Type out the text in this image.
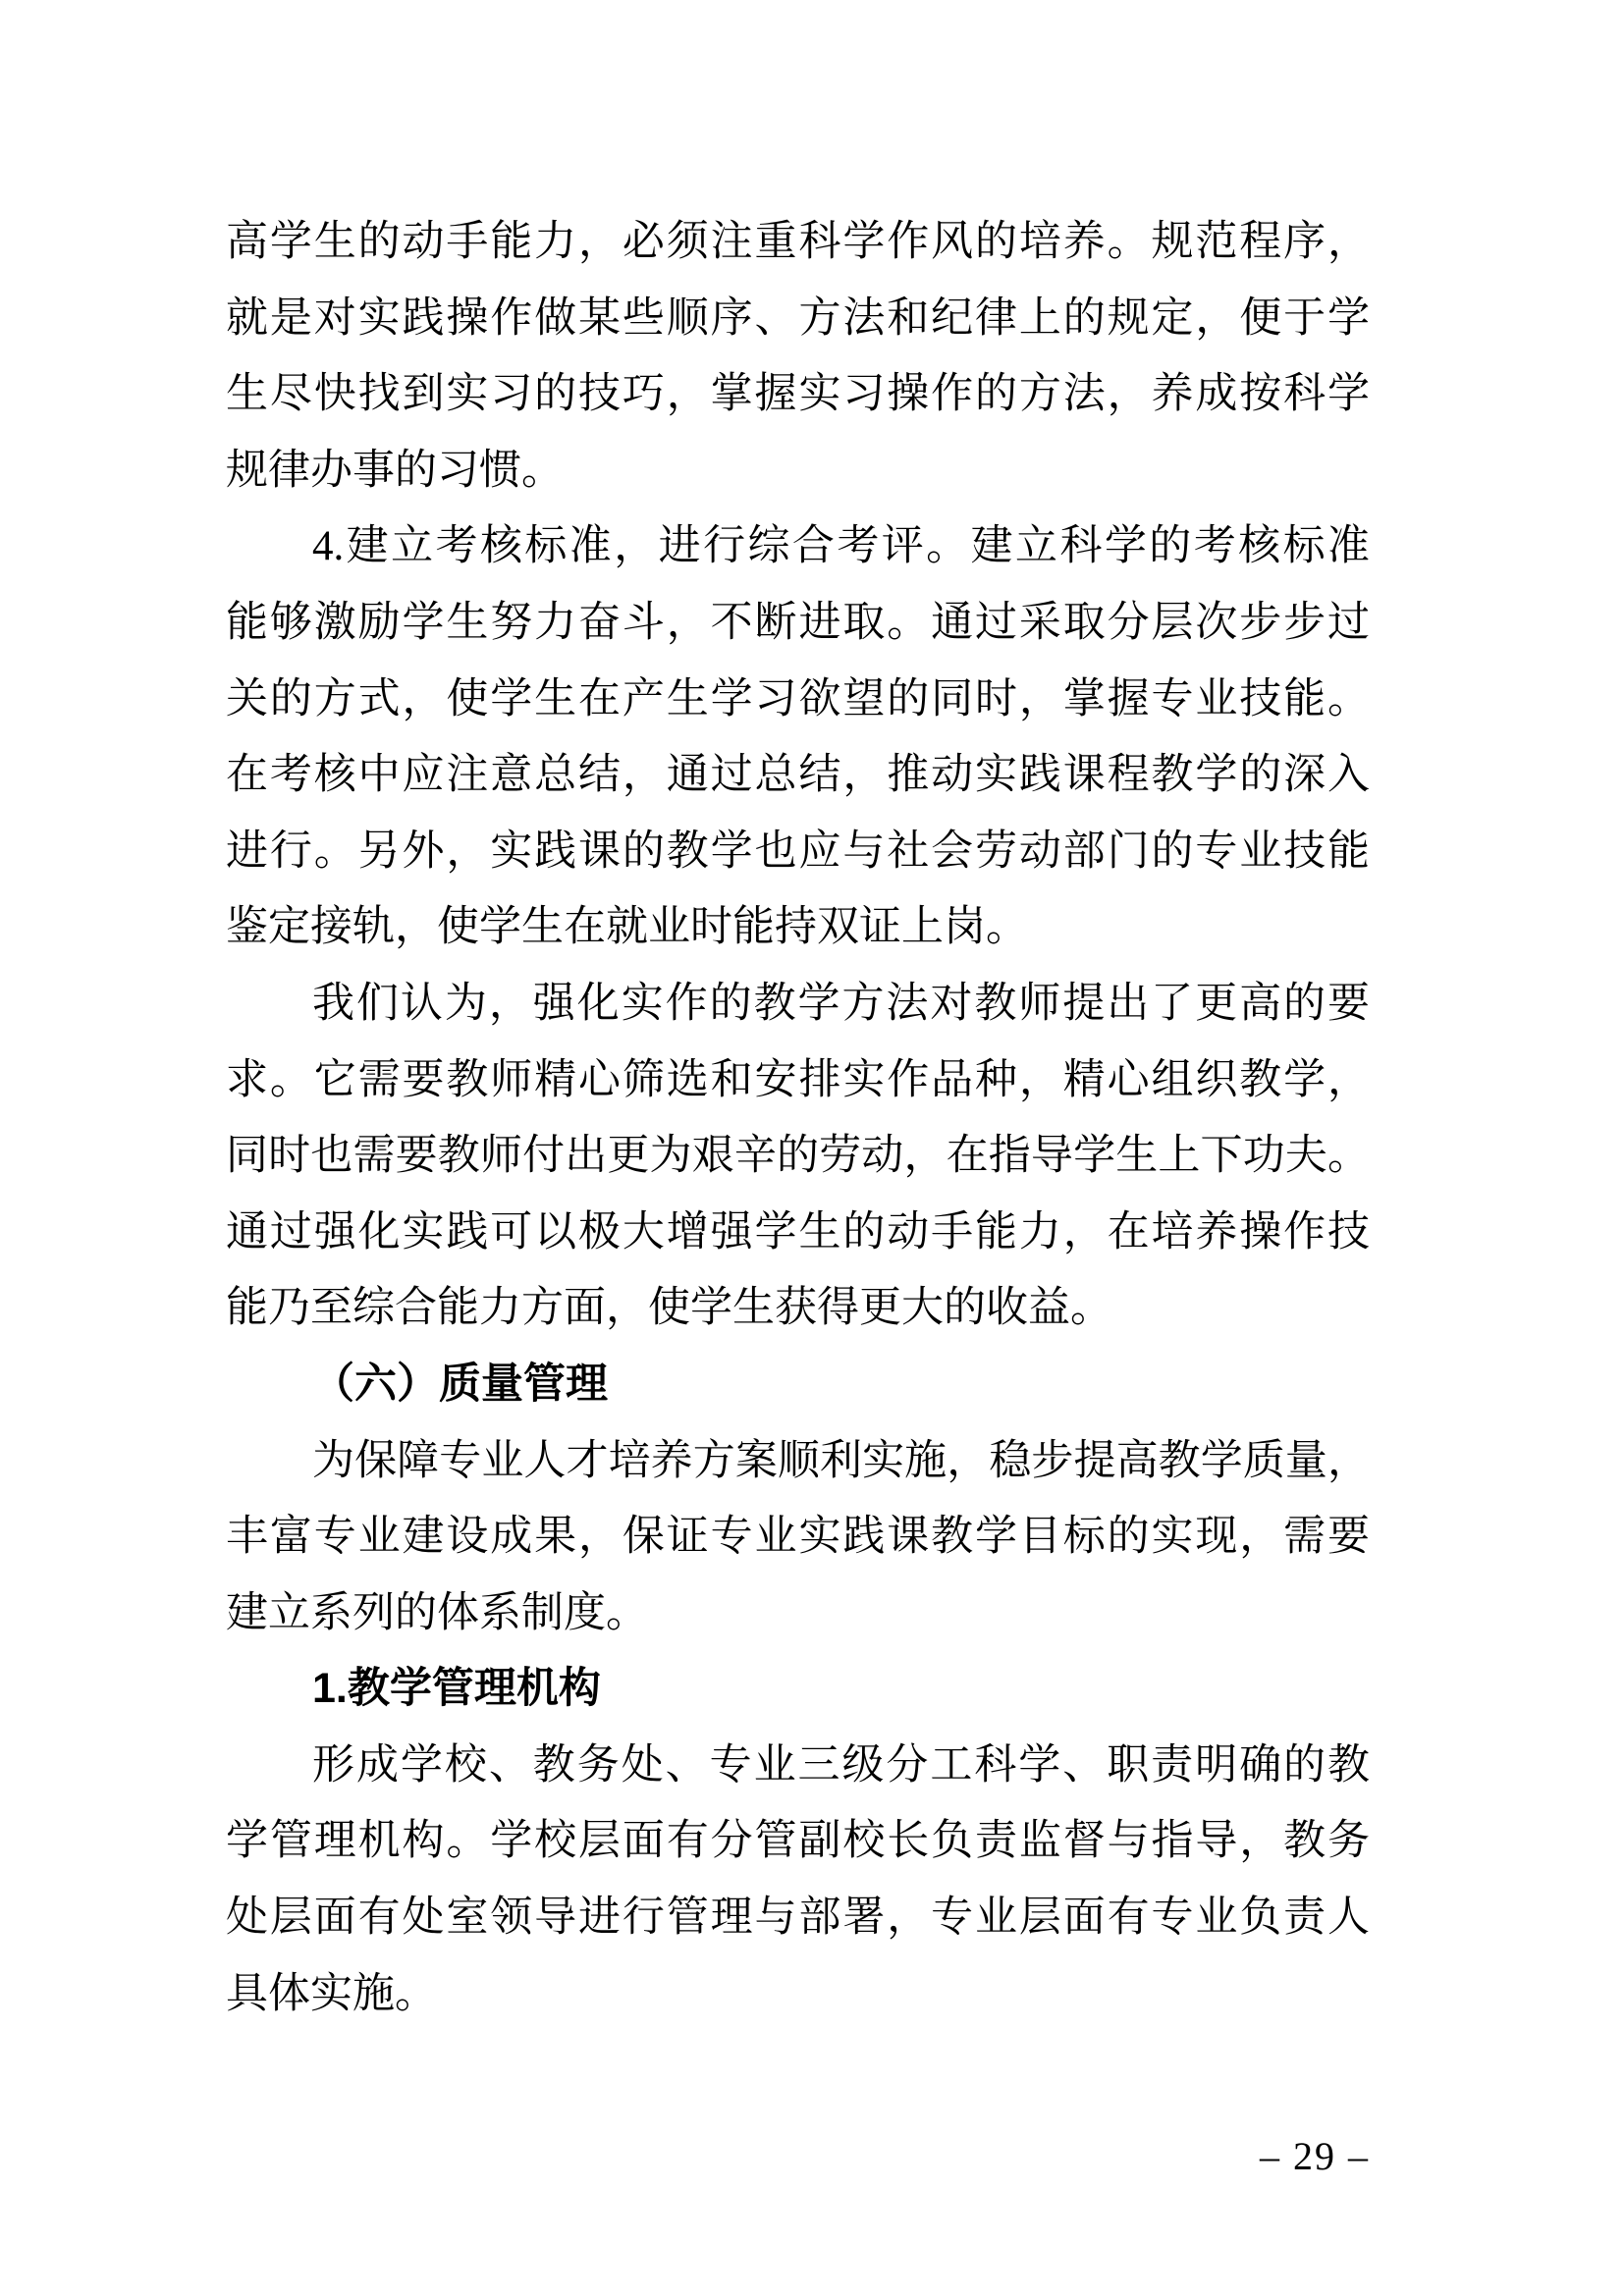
高学生的动手能力，必须注重科学作风的培养。规范程序，
就是对实践操作做某些顺序、方法和纪律上的规定，便于学
生尽快找到实习的技巧，掌握实习操作的方法，养成按科学
规律办事的习惯。
4.建立考核标准，进行综合考评。建立科学的考核标准
能够激励学生努力奋斗，不断进取。通过采取分层次步步过
关的方式，使学生在产生学习欲望的同时，掌握专业技能。
在考核中应注意总结，通过总结，推动实践课程教学的深入
进行。另外，实践课的教学也应与社会劳动部门的专业技能
鉴定接轨，使学生在就业时能持双证上岗。
我们认为，强化实作的教学方法对教师提出了更高的要
求。它需要教师精心筛选和安排实作品种，精心组织教学，
同时也需要教师付出更为艰辛的劳动，在指导学生上下功夫。
通过强化实践可以极大增强学生的动手能力，在培养操作技
能乃至综合能力方面，使学生获得更大的收益。
（六）质量管理
为保障专业人才培养方案顺利实施，稳步提高教学质量，
丰富专业建设成果，保证专业实践课教学目标的实现，需要
建立系列的体系制度。
1.教学管理机构
形成学校、教务处、专业三级分工科学、职责明确的教
学管理机构。学校层面有分管副校长负责监督与指导，教务
处层面有处室领导进行管理与部署，专业层面有专业负责人
具体实施。
– 29 –
